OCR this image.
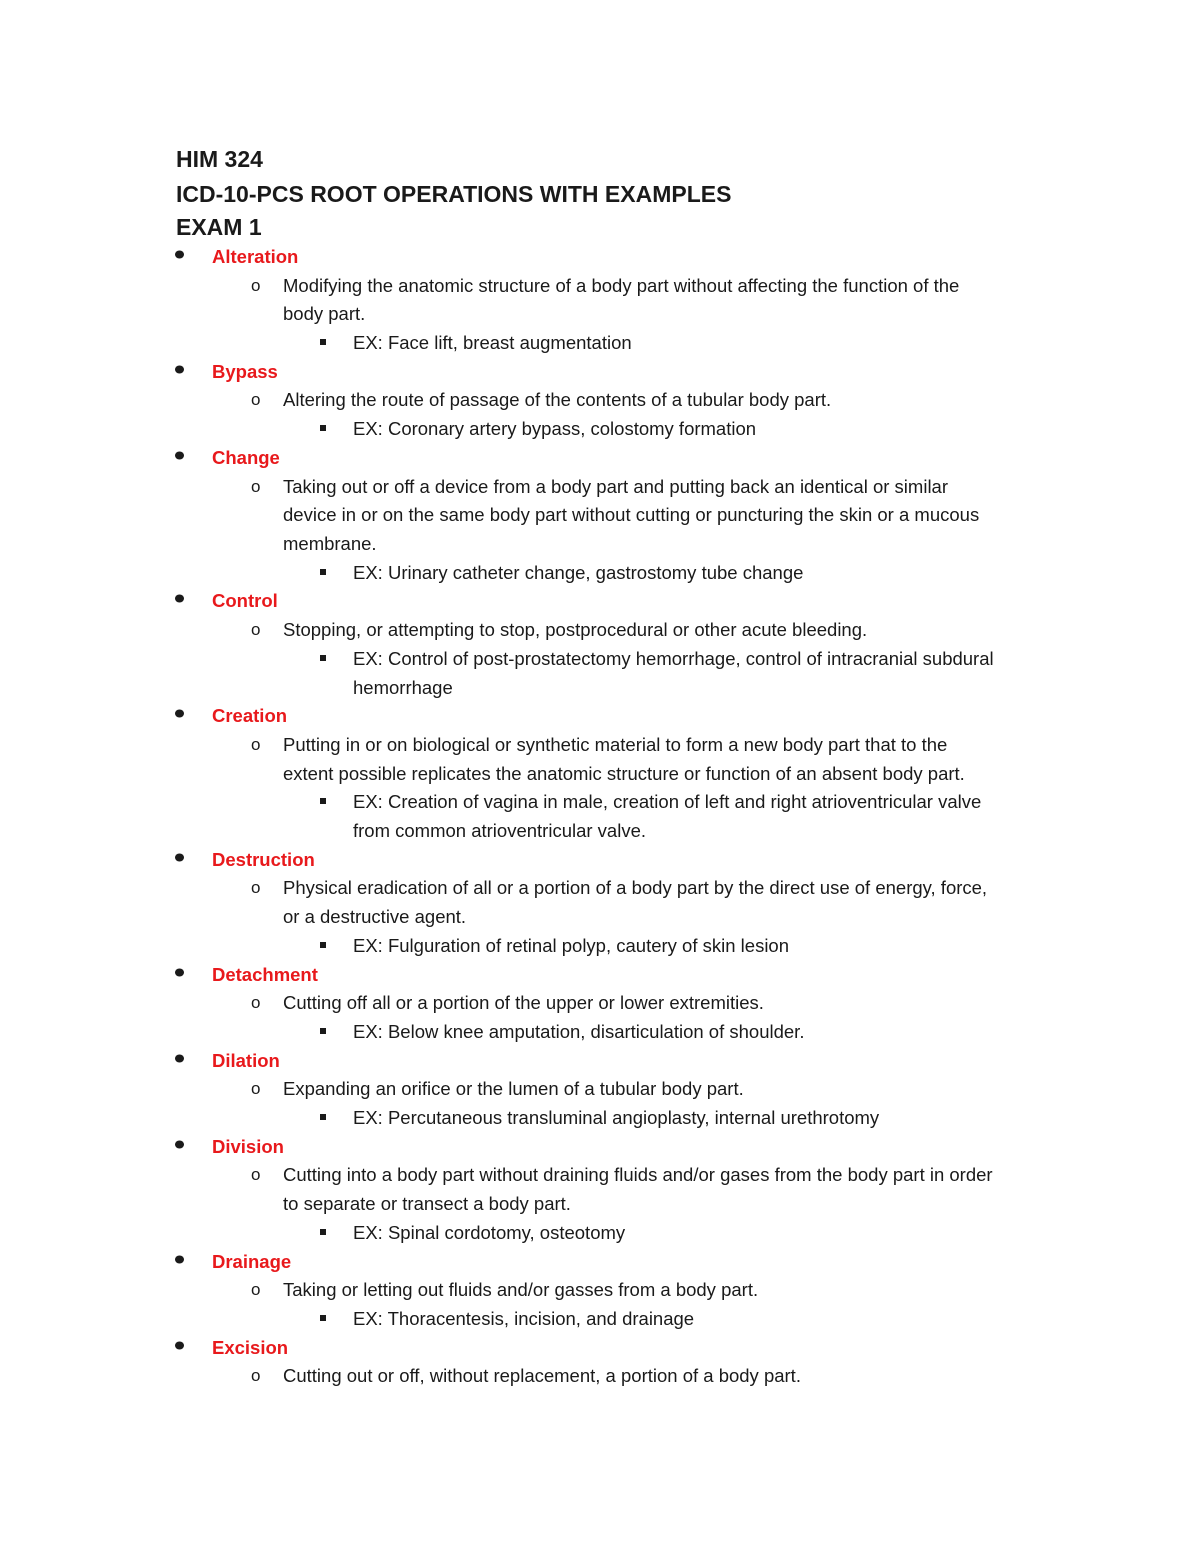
HIM 324
ICD-10-PCS ROOT OPERATIONS WITH EXAMPLES
EXAM 1
Alteration
o Modifying the anatomic structure of a body part without affecting the function of the
body part.
EX: Face lift, breast augmentation
Bypass
o Altering the route of passage of the contents of a tubular body part.
EX: Coronary artery bypass, colostomy formation
Change
o Taking out or off a device from a body part and putting back an identical or similar
device in or on the same body part without cutting or puncturing the skin or a mucous
membrane.
EX: Urinary catheter change, gastrostomy tube change
Control
o Stopping, or attempting to stop, postprocedural or other acute bleeding.
EX: Control of post-prostatectomy hemorrhage, control of intracranial subdural
hemorrhage
Creation
o Putting in or on biological or synthetic material to form a new body part that to the
extent possible replicates the anatomic structure or function of an absent body part.
EX: Creation of vagina in male, creation of left and right atrioventricular valve
from common atrioventricular valve.
Destruction
o Physical eradication of all or a portion of a body part by the direct use of energy, force,
or a destructive agent.
EX: Fulguration of retinal polyp, cautery of skin lesion
Detachment
o Cutting off all or a portion of the upper or lower extremities.
EX: Below knee amputation, disarticulation of shoulder.
Dilation
o Expanding an orifice or the lumen of a tubular body part.
EX: Percutaneous transluminal angioplasty, internal urethrotomy
Division
o Cutting into a body part without draining fluids and/or gases from the body part in order
to separate or transect a body part.
EX: Spinal cordotomy, osteotomy
Drainage
o Taking or letting out fluids and/or gasses from a body part.
EX: Thoracentesis, incision, and drainage
Excision
o Cutting out or off, without replacement, a portion of a body part.
